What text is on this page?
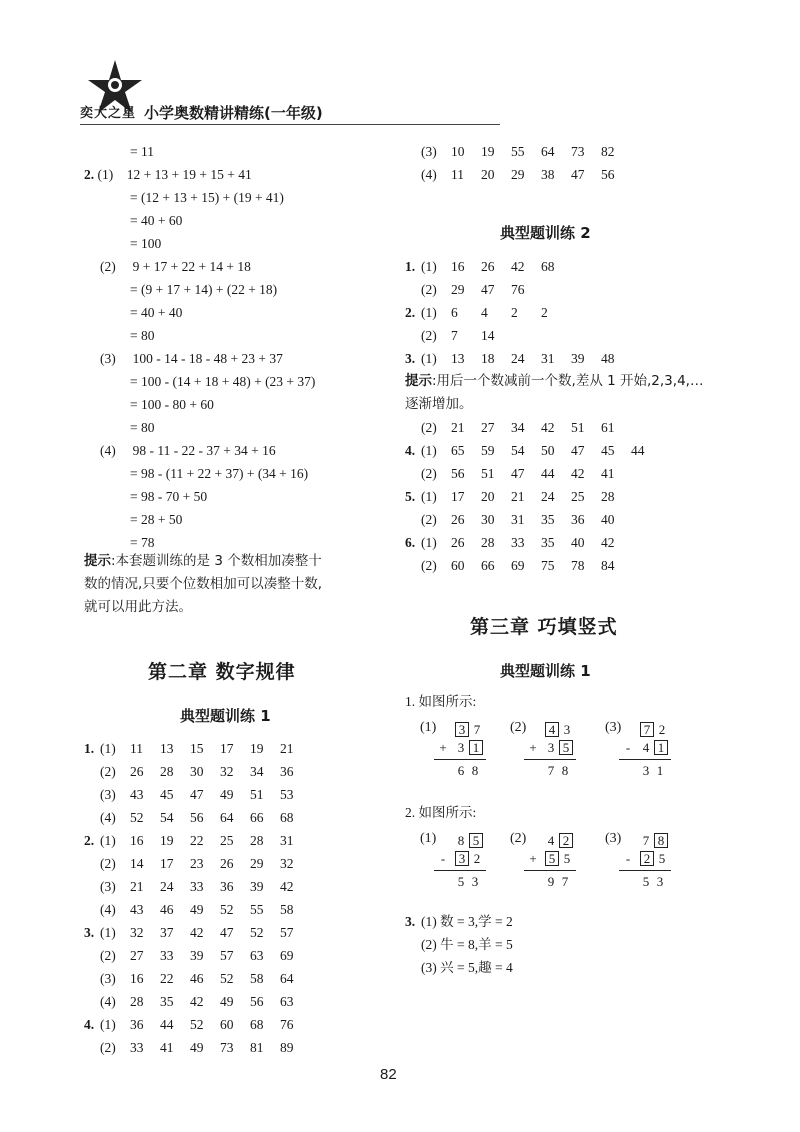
奕大之星 小学奥数精讲精练(一年级)
= 11
2. (1)    12 + 13 + 19 + 15 + 41
= (12 + 13 + 15) + (19 + 41)
= 40 + 60
= 100
(2)     9 + 17 + 22 + 14 + 18
= (9 + 17 + 14) + (22 + 18)
= 40 + 40
= 80
(3)     100 - 14 - 18 - 48 + 23 + 37
= 100 - (14 + 18 + 48) + (23 + 37)
= 100 - 80 + 60
= 80
(4)     98 - 11 - 22 - 37 + 34 + 16
= 98 - (11 + 22 + 37) + (34 + 16)
= 98 - 70 + 50
= 28 + 50
= 78
提示:本套题训练的是 3 个数相加凑整十数的情况,只要个位数相加可以凑整十数,就可以用此方法。
第二章 数字规律
典型题训练 1
1. (1) 11 13 15 17 19 21
(2) 26 28 30 32 34 36
(3) 43 45 47 49 51 53
(4) 52 54 56 64 66 68
2. (1) 16 19 22 25 28 31
(2) 14 17 23 26 29 32
(3) 21 24 33 36 39 42
(4) 43 46 49 52 55 58
3. (1) 32 37 42 47 52 57
(2) 27 33 39 57 63 69
(3) 16 22 46 52 58 64
(4) 28 35 42 49 56 63
4. (1) 36 44 52 60 68 76
(2) 33 41 49 73 81 89
(3) 10 19 55 64 73 82
(4) 11 20 29 38 47 56
典型题训练 2
1. (1) 16 26 42 68
(2) 29 47 76
2. (1) 6 4 2 2
(2) 7 14
3. (1) 13 18 24 31 39 48
提示:用后一个数减前一个数,差从 1 开始,2,3,4,…逐渐增加。
(2) 21 27 34 42 51 61
4. (1) 65 59 54 50 47 45 44
(2) 56 51 47 44 42 41
5. (1) 17 20 21 24 25 28
(2) 26 30 31 35 36 40
6. (1) 26 28 33 35 40 42
(2) 60 66 69 75 78 84
第三章 巧填竖式
典型题训练 1
1. 如图所示:
(1)	3 7
+ 3 1
6 8
(2)	4 3
+ 3 5
7 8
(3)	7 2
- 4 1
3 1
2. 如图所示:
(1) 8 5
-	3 2
5 3
(2) 4 2
+ 5 5
9 7
(3) 7 8
-	2 5
5 3
3. (1) 数 = 3,学 = 2
(2) 牛 = 8,羊 = 5
(3) 兴 = 5,趣 = 4
82
